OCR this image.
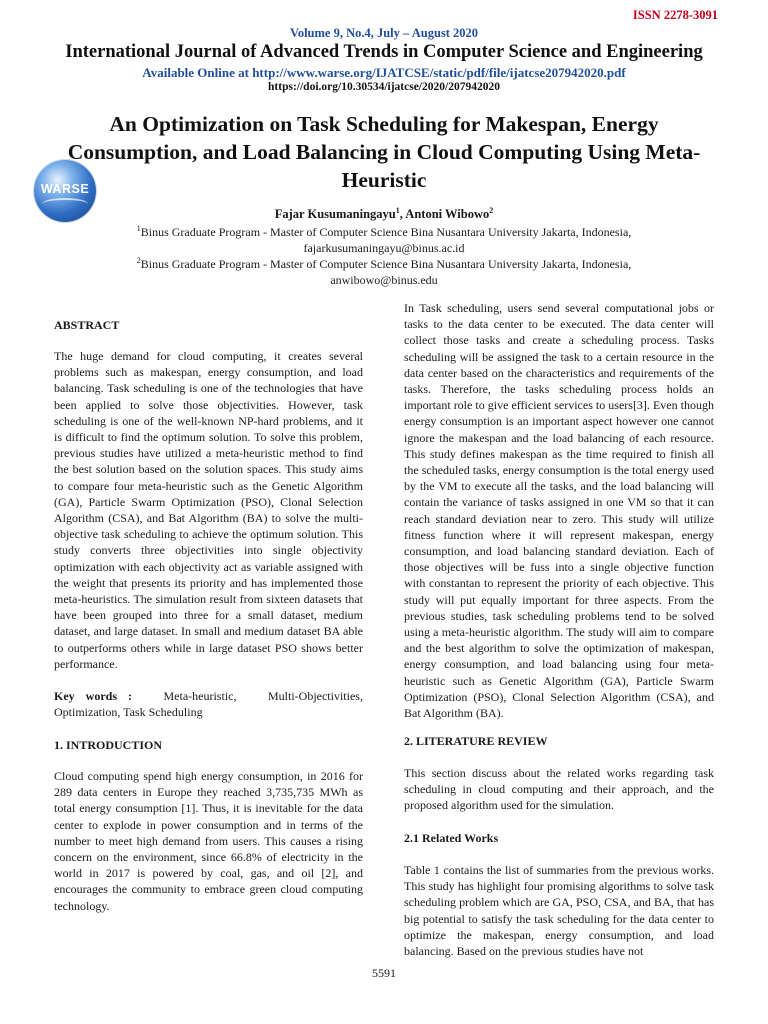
ISSN 2278-3091
Volume 9, No.4, July – August 2020
International Journal of Advanced Trends in Computer Science and Engineering
Available Online at http://www.warse.org/IJATCSE/static/pdf/file/ijatcse207942020.pdf
https://doi.org/10.30534/ijatcse/2020/207942020
WARSE
An Optimization on Task Scheduling for Makespan, Energy Consumption, and Load Balancing in Cloud Computing Using Meta-Heuristic
Fajar Kusumaningayu$^1$, Antoni Wibowo$^2$
$^1$Binus Graduate Program - Master of Computer Science Bina Nusantara University Jakarta, Indonesia,
fajarkusumaningayu@binus.ac.id
$^2$Binus Graduate Program - Master of Computer Science Bina Nusantara University Jakarta, Indonesia,
anwibowo@binus.edu
ABSTRACT

The huge demand for cloud computing, it creates several problems such as makespan, energy consumption, and load balancing. Task scheduling is one of the technologies that have been applied to solve those objectivities. However, task scheduling is one of the well-known NP-hard problems, and it is difficult to find the optimum solution. To solve this problem, previous studies have utilized a meta-heuristic method to find the best solution based on the solution spaces. This study aims to compare four meta-heuristic such as the Genetic Algorithm (GA), Particle Swarm Optimization (PSO), Clonal Selection Algorithm (CSA), and Bat Algorithm (BA) to solve the multi-objective task scheduling to achieve the optimum solution. This study converts three objectivities into single objectivity optimization with each objectivity act as variable assigned with the weight that presents its priority and has implemented those meta-heuristics. The simulation result from sixteen datasets that have been grouped into three for a small dataset, medium dataset, and large dataset. In small and medium dataset BA able to outperforms others while in large dataset PSO shows better performance.

Key words :	Meta-heuristic,	Multi-Objectivities,
Optimization, Task Scheduling
1. INTRODUCTION

Cloud computing spend high energy consumption, in 2016 for 289 data centers in Europe they reached 3,735,735 MWh as total energy consumption [1]. Thus, it is inevitable for the data center to explode in power consumption and in terms of the number to meet high demand from users. This causes a rising concern on the environment, since 66.8% of electricity in the world in 2017 is powered by coal, gas, and oil [2], and encourages the community to embrace green cloud computing technology.

In Task scheduling, users send several computational jobs or tasks to the data center to be executed. The data center will collect those tasks and create a scheduling process. Tasks scheduling will be assigned the task to a certain resource in the data center based on the characteristics and requirements of the tasks. Therefore, the tasks scheduling process holds an important role to give efficient services to users[3]. Even though energy consumption is an important aspect however one cannot ignore the makespan and the load balancing of each resource. This study defines makespan as the time required to finish all the scheduled tasks, energy consumption is the total energy used by the VM to execute all the tasks, and the load balancing will contain the variance of tasks assigned in one VM so that it can reach standard deviation near to zero. This study will utilize fitness function where it will represent makespan, energy consumption, and load balancing standard deviation. Each of those objectives will be fuss into a single objective function with constantan to represent the priority of each objective. This study will put equally important for three aspects. From the previous studies, task scheduling problems tend to be solved using a meta-heuristic algorithm. The study will aim to compare and the best algorithm to solve the optimization of makespan, energy consumption, and load balancing using four meta-heuristic such as Genetic Algorithm (GA), Particle Swarm Optimization (PSO), Clonal Selection Algorithm (CSA), and Bat Algorithm (BA).

2. LITERATURE REVIEW

This section discuss about the related works regarding task scheduling in cloud computing and their approach, and the proposed algorithm used for the simulation.

2.1 Related Works

Table 1 contains the list of summaries from the previous works. This study has highlight four promising algorithms to solve task scheduling problem which are GA, PSO, CSA, and BA, that has big potential to satisfy the task scheduling for the data center to optimize the makespan, energy consumption, and load balancing. Based on the previous studies have not

5591
